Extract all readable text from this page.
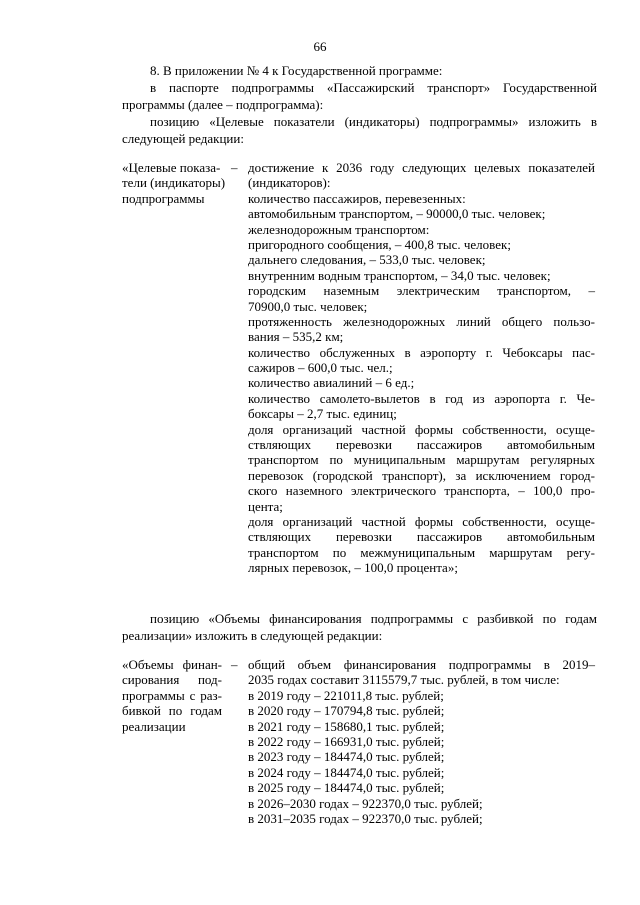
66
8. В приложении № 4 к Государственной программе:
в паспорте подпрограммы «Пассажирский транспорт» Государственной
программы (далее – подпрограмма):
позицию «Целевые показатели (индикаторы) подпрограммы» изложить в
следующей редакции:
«Целевые показа-
тели (индикаторы)
подпрограммы
– достижение к 2036 году следующих целевых показателей
(индикаторов):
количество пассажиров, перевезенных:
автомобильным транспортом, – 90000,0 тыс. человек;
железнодорожным транспортом:
пригородного сообщения, – 400,8 тыс. человек;
дальнего следования, – 533,0 тыс. человек;
внутренним водным транспортом, – 34,0 тыс. человек;
городским наземным электрическим транспортом, –
70900,0 тыс. человек;
протяженность железнодорожных линий общего пользо-
вания – 535,2 км;
количество обслуженных в аэропорту г. Чебоксары пас-
сажиров – 600,0 тыс. чел.;
количество авиалиний – 6 ед.;
количество самолето-вылетов в год из аэропорта г. Че-
боксары – 2,7 тыс. единиц;
доля организаций частной формы собственности, осуще-
ствляющих перевозки пассажиров автомобильным
транспортом по муниципальным маршрутам регулярных
перевозок (городской транспорт), за исключением город-
ского наземного электрического транспорта, – 100,0 про-
цента;
доля организаций частной формы собственности, осуще-
ствляющих перевозки пассажиров автомобильным
транспортом по межмуниципальным маршрутам регу-
лярных перевозок, – 100,0 процента»;
позицию «Объемы финансирования подпрограммы с разбивкой по годам
реализации» изложить в следующей редакции:
«Объемы финан-
сирования под-
программы с раз-
бивкой по годам
реализации
– общий объем финансирования подпрограммы в 2019–
2035 годах составит 3115579,7 тыс. рублей, в том числе:
в 2019 году – 221011,8 тыс. рублей;
в 2020 году – 170794,8 тыс. рублей;
в 2021 году – 158680,1 тыс. рублей;
в 2022 году – 166931,0 тыс. рублей;
в 2023 году – 184474,0 тыс. рублей;
в 2024 году – 184474,0 тыс. рублей;
в 2025 году – 184474,0 тыс. рублей;
в 2026–2030 годах – 922370,0 тыс. рублей;
в 2031–2035 годах – 922370,0 тыс. рублей;
